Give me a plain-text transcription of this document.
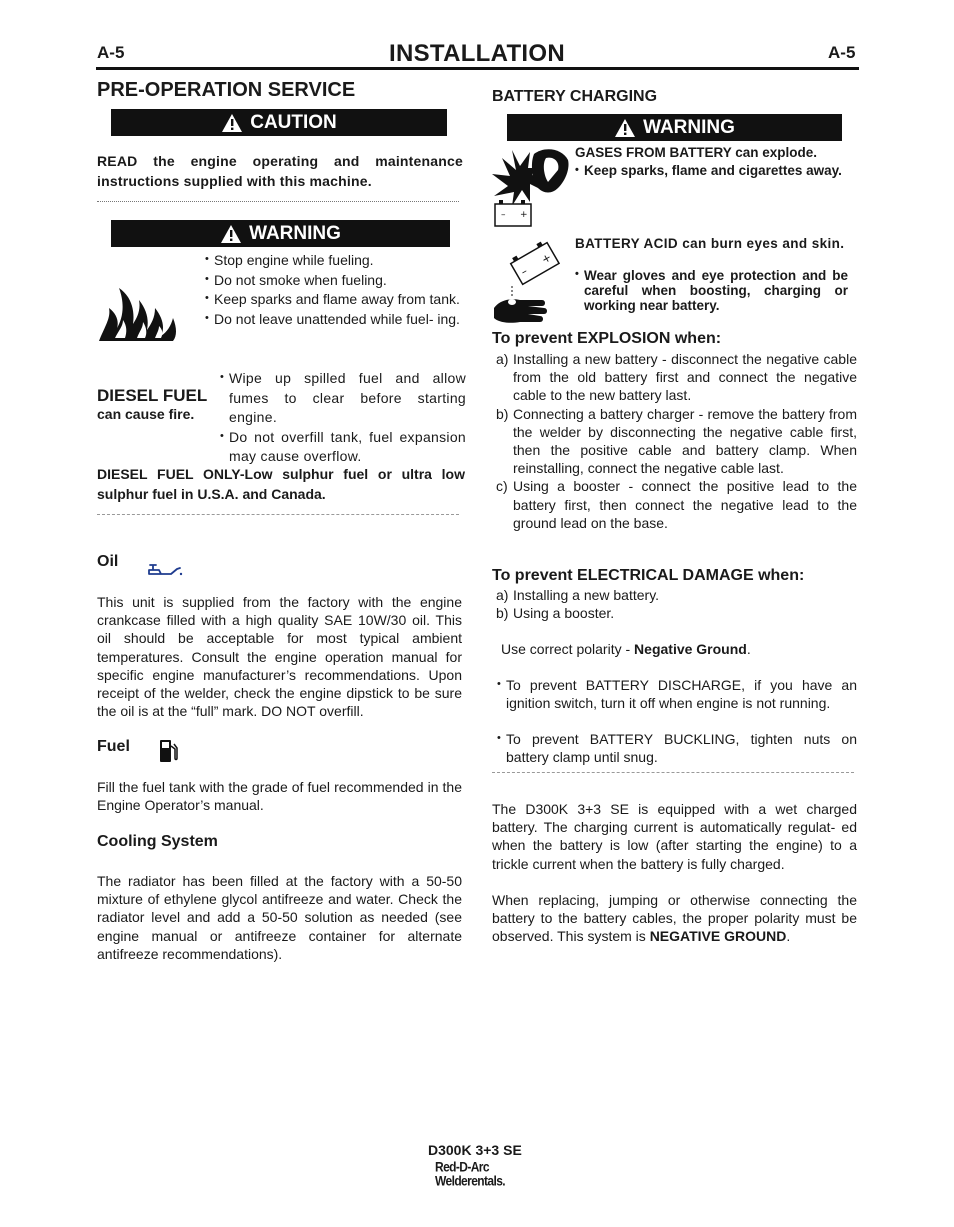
A-5	INSTALLATION	A-5
PRE-OPERATION SERVICE
CAUTION
READ the engine operating and maintenance instructions supplied with this machine.
WARNING
• Stop engine while fueling.
• Do not smoke when fueling.
• Keep sparks and flame away from tank.
• Do not leave unattended while fuel- ing.
DIESEL FUEL
can cause fire.
• Wipe up spilled fuel and allow fumes to clear before starting engine.
• Do not overfill tank, fuel expansion may cause overflow.
DIESEL FUEL ONLY-Low sulphur fuel or ultra low sulphur fuel in U.S.A. and Canada.
Oil
This unit is supplied from the factory with the engine crankcase filled with a high quality SAE 10W/30 oil. This oil should be acceptable for most typical ambient temperatures. Consult the engine operation manual for specific engine manufacturer’s recommendations. Upon receipt of the welder, check the engine dipstick to be sure the oil is at the “full” mark. DO NOT overfill.
Fuel
Fill the fuel tank with the grade of fuel recommended in the Engine Operator’s manual.
Cooling System
The radiator has been filled at the factory with a 50-50 mixture of ethylene glycol antifreeze and water. Check the radiator level and add a 50-50 solution as needed (see engine manual or antifreeze container for alternate antifreeze recommendations).
BATTERY CHARGING
WARNING
– +
GASES FROM BATTERY can explode.
• Keep sparks, flame and cigarettes away.
–
+
BATTERY ACID can burn eyes and skin.
• Wear gloves and eye protection and be careful when boosting, charging or working near battery.
To prevent EXPLOSION when:
a) Installing a new battery - disconnect the negative cable from the old battery first and connect the negative cable to the new battery last.
b) Connecting a battery charger - remove the battery from the welder by disconnecting the negative cable first, then the positive cable and battery clamp. When reinstalling, connect the negative cable last.
c) Using a booster - connect the positive lead to the battery first, then connect the negative lead to the ground lead on the base.
To prevent ELECTRICAL DAMAGE when:
a) Installing a new battery.
b) Using a booster.
Use correct polarity - Negative Ground.
• To prevent BATTERY DISCHARGE, if you have an ignition switch, turn it off when engine is not running.
• To prevent BATTERY BUCKLING, tighten nuts on battery clamp until snug.
The D300K 3+3 SE is equipped with a wet charged battery. The charging current is automatically regulat- ed when the battery is low (after starting the engine) to a trickle current when the battery is fully charged.
When replacing, jumping or otherwise connecting the battery to the battery cables, the proper polarity must be observed. This system is NEGATIVE GROUND.
D300K 3+3 SE
Red-D-Arc
Welderentals.
